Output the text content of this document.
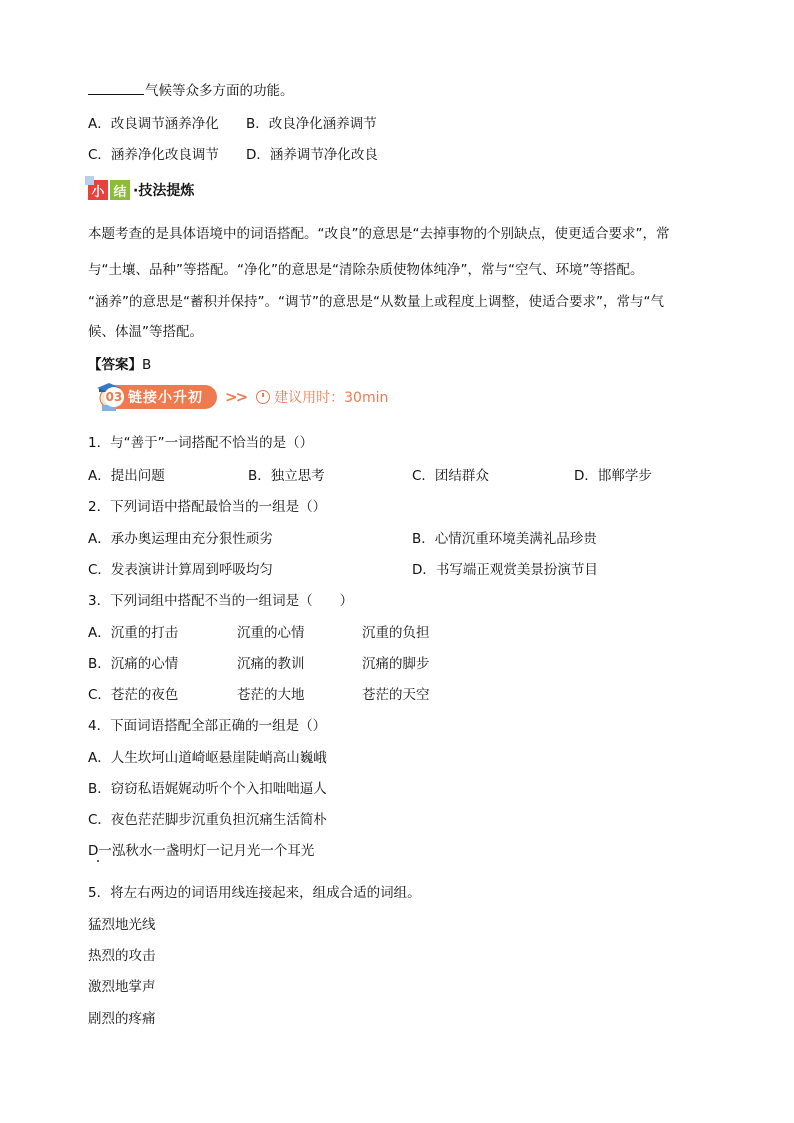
气候等众多方面的功能。
A．改良调节涵养净化 B．改良净化涵养调节
C．涵养净化改良调节 D．涵养调节净化改良
小 结 ·技法提炼
本题考查的是具体语境中的词语搭配。“改良”的意思是“去掉事物的个别缺点，使更适合要求”，常
与“土壤、品种”等搭配。“净化”的意思是“清除杂质使物体纯净”，常与“空气、环境”等搭配。
“涵养”的意思是“蓄积并保持”。“调节”的意思是“从数量上或程度上调整，使适合要求”，常与“气
候、体温”等搭配。
【答案】B
03 链接小升初 >> 建议用时：30min
1．与“善于”一词搭配不恰当的是（）
A．提出问题	B．独立思考	C．团结群众	D．邯郸学步
2．下列词语中搭配最恰当的一组是（）
A．承办奥运理由充分狠性顽劣	B．心情沉重环境美满礼品珍贵
C．发表演讲计算周到呼吸均匀	D．书写端正观赏美景扮演节目
3．下列词组中搭配不当的一组词是（　　）
A．沉重的打击	沉重的心情	沉重的负担
B．沉痛的心情	沉痛的教训	沉痛的脚步
C．苍茫的夜色	苍茫的大地	苍茫的天空
4．下面词语搭配全部正确的一组是（）
A．人生坎坷山道崎岖悬崖陡峭高山巍峨
B．窃窃私语娓娓动听个个入扣咄咄逼人
C．夜色茫茫脚步沉重负担沉痛生活简朴
D一泓秋水一盏明灯一记月光一个耳光
5．将左右两边的词语用线连接起来，组成合适的词组。
猛烈地光线
热烈的攻击
激烈地掌声
剧烈的疼痛
